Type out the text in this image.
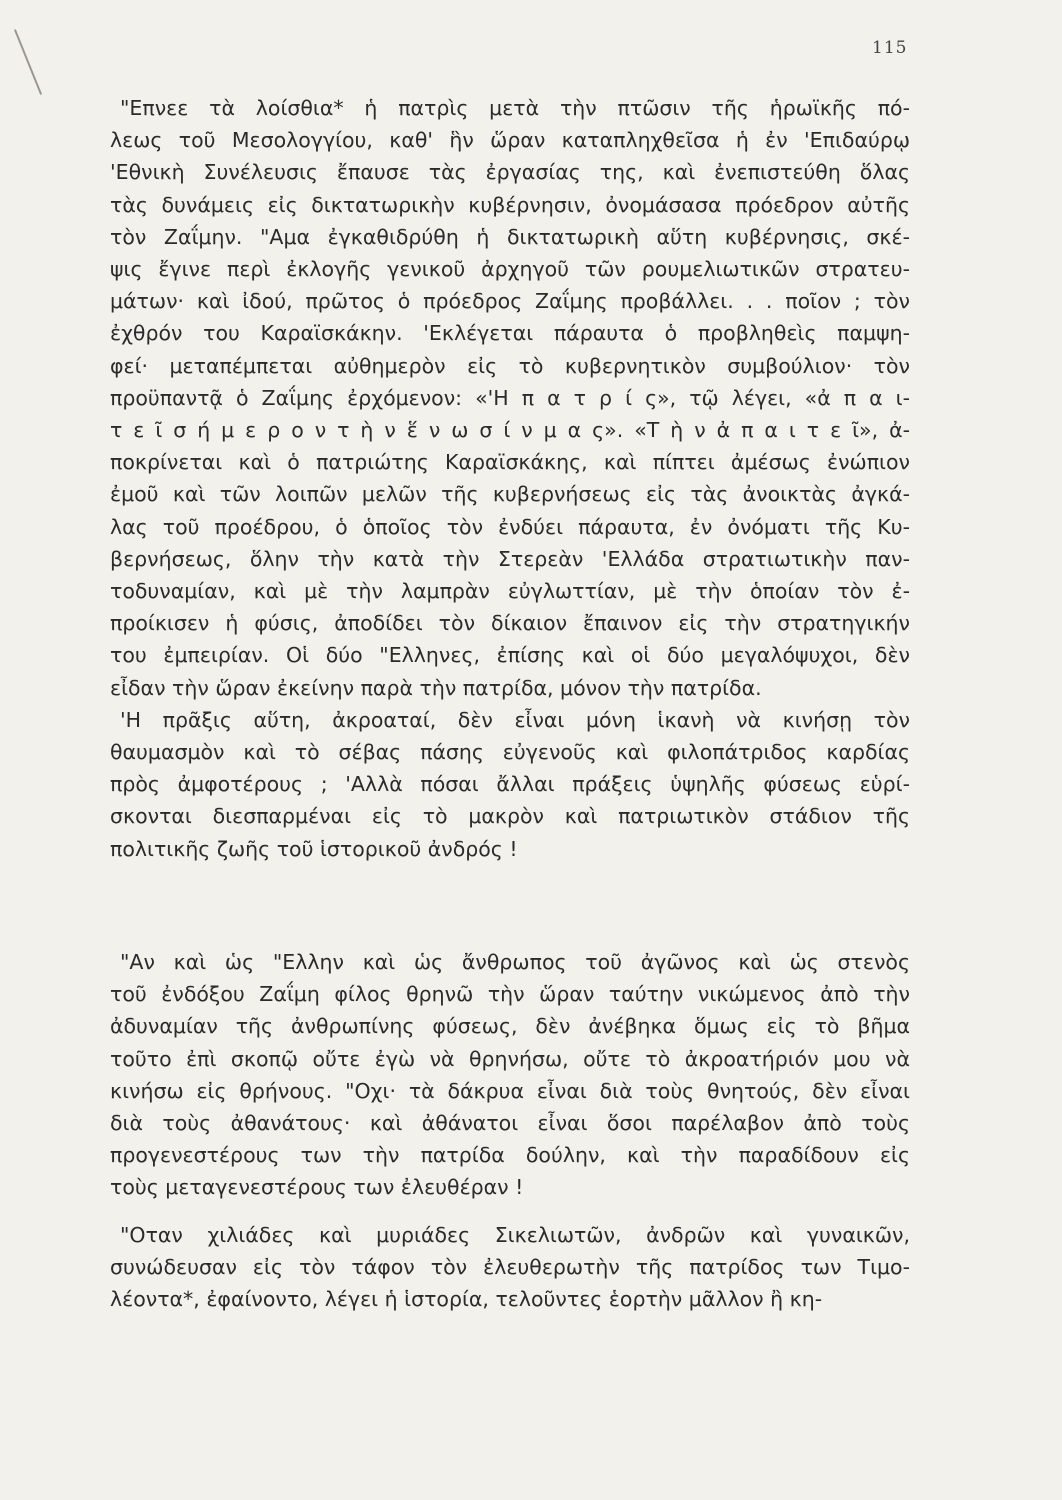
115
"Επνεε τὰ λοίσθια* ἡ πατρὶς μετὰ τὴν πτῶσιν τῆς ἡρωϊκῆς πό-
λεως τοῦ Μεσολογγίου, καθ' ἣν ὥραν καταπληχθεῖσα ἡ ἐν 'Επιδαύρῳ
'Εθνικὴ Συνέλευσις ἔπαυσε τὰς ἐργασίας της, καὶ ἐνεπιστεύθη ὅλας
τὰς δυνάμεις εἰς δικτατωρικὴν κυβέρνησιν, ὀνομάσασα πρόεδρον αὐτῆς
τὸν Ζαΐμην. "Αμα ἐγκαθιδρύθη ἡ δικτατωρικὴ αὕτη κυβέρνησις, σκέ-
ψις ἔγινε περὶ ἐκλογῆς γενικοῦ ἀρχηγοῦ τῶν ρουμελιωτικῶν στρατευ-
μάτων· καὶ ἰδού, πρῶτος ὁ πρόεδρος Ζαΐμης προβάλλει. . . ποῖον ; τὸν
ἐχθρόν του Καραϊσκάκην. 'Εκλέγεται πάραυτα ὁ προβληθεὶς παμψη-
φεί· μεταπέμπεται αὐθημερὸν εἰς τὸ κυβερνητικὸν συμβούλιον· τὸν
προϋπαντᾷ ὁ Ζαΐμης ἐρχόμενον: «'Η π α τ ρ ί ς», τῷ λέγει, «ἀ π α ι-
τ ε ῖ σ ή μ ε ρ ο ν τ ὴ ν ἕ ν ω σ ί ν μ α ς». «Τ ὴ ν ἀ π α ι τ ε ῖ», ἀ-
ποκρίνεται καὶ ὁ πατριώτης Καραϊσκάκης, καὶ πίπτει ἀμέσως ἐνώπιον
ἐμοῦ καὶ τῶν λοιπῶν μελῶν τῆς κυβερνήσεως εἰς τὰς ἀνοικτὰς ἀγκά-
λας τοῦ προέδρου, ὁ ὁποῖος τὸν ἐνδύει πάραυτα, ἐν ὀνόματι τῆς Κυ-
βερνήσεως, ὅλην τὴν κατὰ τὴν Στερεὰν 'Ελλάδα στρατιωτικὴν παν-
τοδυναμίαν, καὶ μὲ τὴν λαμπρὰν εὐγλωττίαν, μὲ τὴν ὁποίαν τὸν ἐ-
προίκισεν ἡ φύσις, ἀποδίδει τὸν δίκαιον ἔπαινον εἰς τὴν στρατηγικήν
του ἐμπειρίαν. Οἱ δύο "Ελληνες, ἐπίσης καὶ οἱ δύο μεγαλόψυχοι, δὲν
εἶδαν τὴν ὥραν ἐκείνην παρὰ τὴν πατρίδα, μόνον τὴν πατρίδα.
'Η πρᾶξις αὕτη, ἀκροαταί, δὲν εἶναι μόνη ἱκανὴ νὰ κινήσῃ τὸν
θαυμασμὸν καὶ τὸ σέβας πάσης εὐγενοῦς καὶ φιλοπάτριδος καρδίας
πρὸς ἀμφοτέρους ; 'Αλλὰ πόσαι ἄλλαι πράξεις ὑψηλῆς φύσεως εὑρί-
σκονται διεσπαρμέναι εἰς τὸ μακρὸν καὶ πατριωτικὸν στάδιον τῆς
πολιτικῆς ζωῆς τοῦ ἱστορικοῦ ἀνδρός !
"Αν καὶ ὡς "Ελλην καὶ ὡς ἄνθρωπος τοῦ ἀγῶνος καὶ ὡς στενὸς
τοῦ ἐνδόξου Ζαΐμη φίλος θρηνῶ τὴν ὥραν ταύτην νικώμενος ἀπὸ τὴν
ἀδυναμίαν τῆς ἀνθρωπίνης φύσεως, δὲν ἀνέβηκα ὅμως εἰς τὸ βῆμα
τοῦτο ἐπὶ σκοπῷ οὔτε ἐγὼ νὰ θρηνήσω, οὔτε τὸ ἀκροατήριόν μου νὰ
κινήσω εἰς θρήνους. "Οχι· τὰ δάκρυα εἶναι διὰ τοὺς θνητούς, δὲν εἶναι
διὰ τοὺς ἀθανάτους· καὶ ἀθάνατοι εἶναι ὅσοι παρέλαβον ἀπὸ τοὺς
προγενεστέρους των τὴν πατρίδα δούλην, καὶ τὴν παραδίδουν εἰς
τοὺς μεταγενεστέρους των ἐλευθέραν !
"Οταν χιλιάδες καὶ μυριάδες Σικελιωτῶν, ἀνδρῶν καὶ γυναικῶν,
συνώδευσαν εἰς τὸν τάφον τὸν ἐλευθερωτὴν τῆς πατρίδος των Τιμο-
λέοντα*, ἐφαίνοντο, λέγει ἡ ἱστορία, τελοῦντες ἑορτὴν μᾶλλον ἢ κη-
